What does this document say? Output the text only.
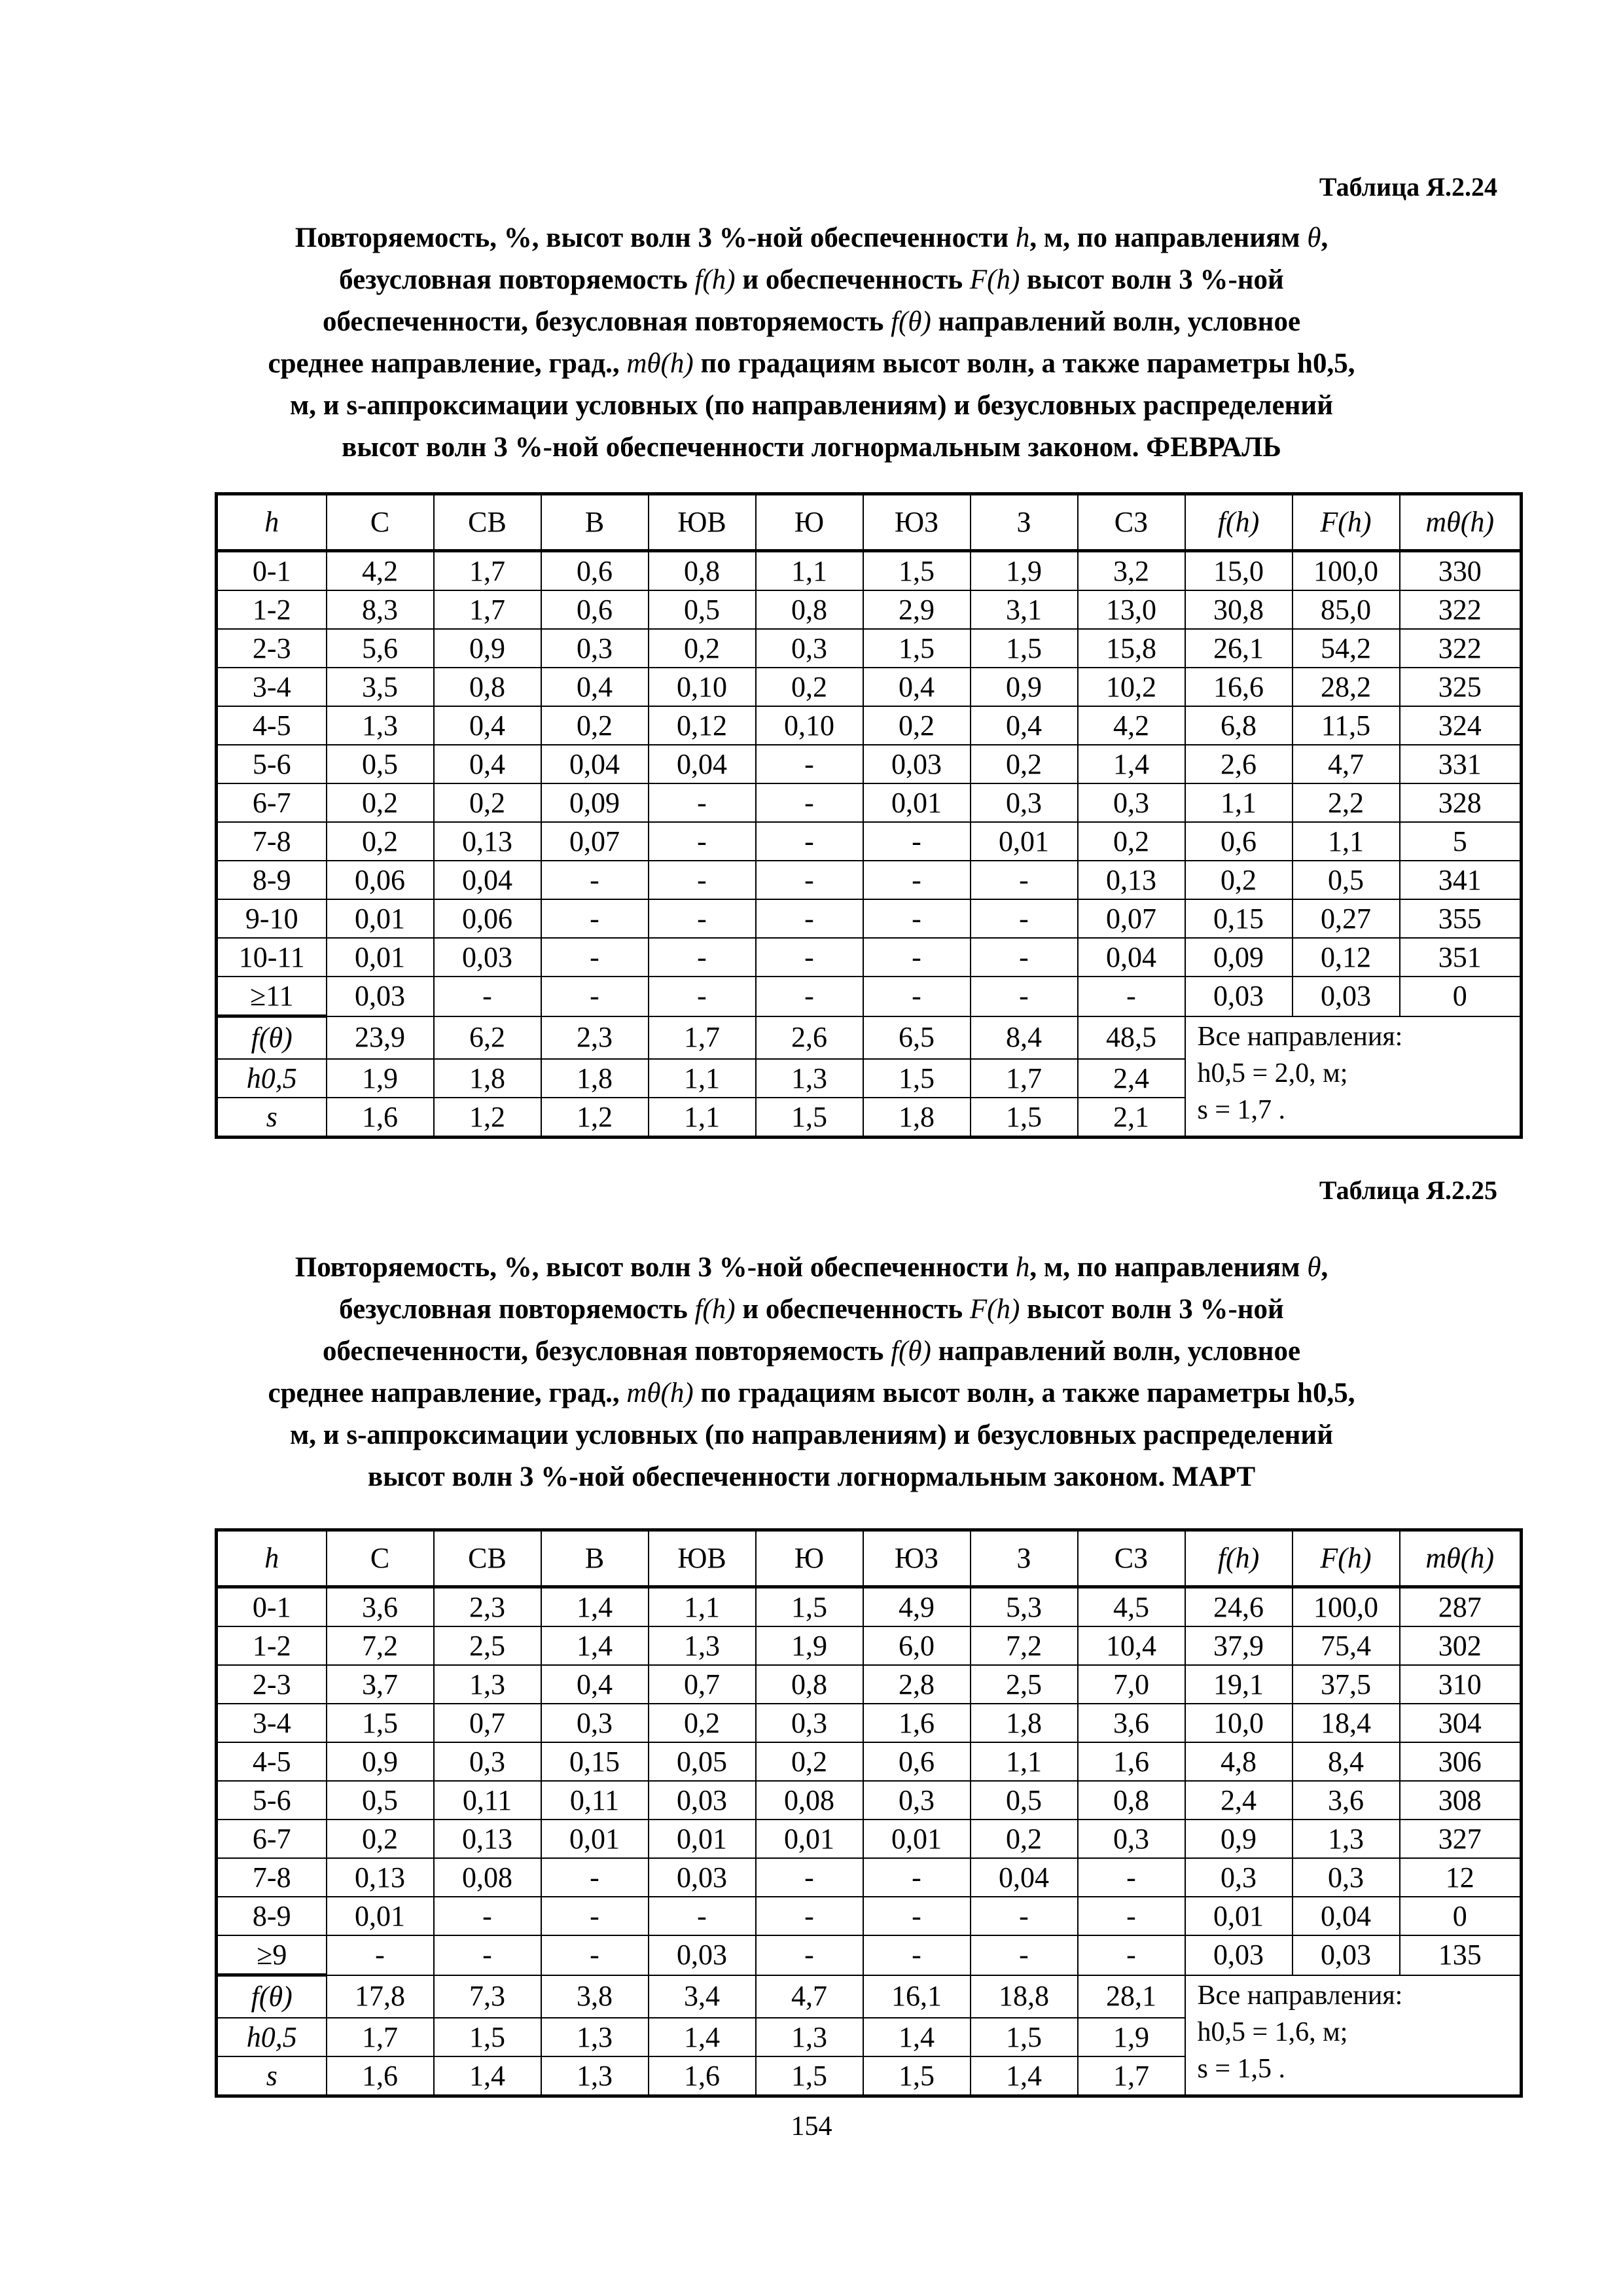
Таблица Я.2.24
Повторяемость, %, высот волн 3 %-ной обеспеченности h, м, по направлениям θ,
безусловная повторяемость f(h) и обеспеченность F(h) высот волн 3 %-ной
обеспеченности, безусловная повторяемость f(θ) направлений волн, условное
среднее направление, град., mθ(h) по градациям высот волн, а также параметры h0,5,
м, и s-аппроксимации условных (по направлениям) и безусловных распределений
высот волн 3 %-ной обеспеченности логнормальным законом. ФЕВРАЛЬ
h	С	СВ	В	ЮВ	Ю	ЮЗ	З	СЗ	f(h)	F(h)	mθ(h)
0-1	4,2	1,7	0,6	0,8	1,1	1,5	1,9	3,2	15,0	100,0	330
1-2	8,3	1,7	0,6	0,5	0,8	2,9	3,1	13,0	30,8	85,0	322
2-3	5,6	0,9	0,3	0,2	0,3	1,5	1,5	15,8	26,1	54,2	322
3-4	3,5	0,8	0,4	0,10	0,2	0,4	0,9	10,2	16,6	28,2	325
4-5	1,3	0,4	0,2	0,12	0,10	0,2	0,4	4,2	6,8	11,5	324
5-6	0,5	0,4	0,04	0,04	-	0,03	0,2	1,4	2,6	4,7	331
6-7	0,2	0,2	0,09	-	-	0,01	0,3	0,3	1,1	2,2	328
7-8	0,2	0,13	0,07	-	-	-	0,01	0,2	0,6	1,1	5
8-9	0,06	0,04	-	-	-	-	-	0,13	0,2	0,5	341
9-10	0,01	0,06	-	-	-	-	-	0,07	0,15	0,27	355
10-11	0,01	0,03	-	-	-	-	-	0,04	0,09	0,12	351
≥11	0,03	-	-	-	-	-	-	-	0,03	0,03	0
f(θ)	23,9	6,2	2,3	1,7	2,6	6,5	8,4	48,5	Все направления:
h0,5 = 2,0, м;
s = 1,7 .		

h0,5	1,9	1,8	1,8	1,1	1,3	1,5	1,7	2,4			
s	1,6	1,2	1,2	1,1	1,5	1,8	1,5	2,1			
Таблица Я.2.25
Повторяемость, %, высот волн 3 %-ной обеспеченности h, м, по направлениям θ,
безусловная повторяемость f(h) и обеспеченность F(h) высот волн 3 %-ной
обеспеченности, безусловная повторяемость f(θ) направлений волн, условное
среднее направление, град., mθ(h) по градациям высот волн, а также параметры h0,5,
м, и s-аппроксимации условных (по направлениям) и безусловных распределений
высот волн 3 %-ной обеспеченности логнормальным законом. МАРТ
h	С	СВ	В	ЮВ	Ю	ЮЗ	З	СЗ	f(h)	F(h)	mθ(h)
0-1	3,6	2,3	1,4	1,1	1,5	4,9	5,3	4,5	24,6	100,0	287
1-2	7,2	2,5	1,4	1,3	1,9	6,0	7,2	10,4	37,9	75,4	302
2-3	3,7	1,3	0,4	0,7	0,8	2,8	2,5	7,0	19,1	37,5	310
3-4	1,5	0,7	0,3	0,2	0,3	1,6	1,8	3,6	10,0	18,4	304
4-5	0,9	0,3	0,15	0,05	0,2	0,6	1,1	1,6	4,8	8,4	306
5-6	0,5	0,11	0,11	0,03	0,08	0,3	0,5	0,8	2,4	3,6	308
6-7	0,2	0,13	0,01	0,01	0,01	0,01	0,2	0,3	0,9	1,3	327
7-8	0,13	0,08	-	0,03	-	-	0,04	-	0,3	0,3	12
8-9	0,01	-	-	-	-	-	-	-	0,01	0,04	0
≥9	-	-	-	0,03	-	-	-	-	0,03	0,03	135
f(θ)	17,8	7,3	3,8	3,4	4,7	16,1	18,8	28,1	Все направления:
h0,5 = 1,6, м;
s = 1,5 .		

h0,5	1,7	1,5	1,3	1,4	1,3	1,4	1,5	1,9			
s	1,6	1,4	1,3	1,6	1,5	1,5	1,4	1,7			
154
